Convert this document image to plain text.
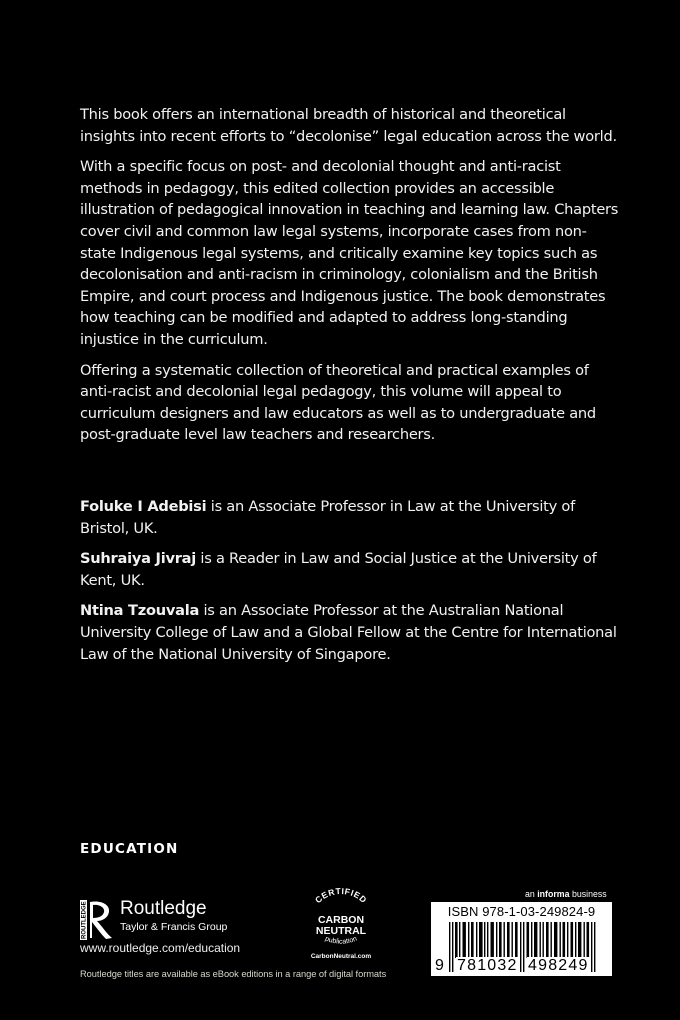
This book offers an international breadth of historical and theoretical insights into recent efforts to “decolonise” legal education across the world.

With a specific focus on post- and decolonial thought and anti-racist methods in pedagogy, this edited collection provides an accessible illustration of pedagogical innovation in teaching and learning law. Chapters cover civil and common law legal systems, incorporate cases from non-state Indigenous legal systems, and critically examine key topics such as decolonisation and anti-racism in criminology, colonialism and the British Empire, and court process and Indigenous justice. The book demonstrates how teaching can be modified and adapted to address long-standing injustice in the curriculum.

Offering a systematic collection of theoretical and practical examples of anti-racist and decolonial legal pedagogy, this volume will appeal to curriculum designers and law educators as well as to undergraduate and post-graduate level law teachers and researchers.

Foluke I Adebisi is an Associate Professor in Law at the University of Bristol, UK.

Suhraiya Jivraj is a Reader in Law and Social Justice at the University of Kent, UK.

Ntina Tzouvala is an Associate Professor at the Australian National University College of Law and a Global Fellow at the Centre for International Law of the National University of Singapore.

EDUCATION
ROUTLEDGE Routledge
Taylor & Francis Group
www.routledge.com/education
Routledge titles are available as eBook editions in a range of digital formats
CERTIFIED
CARBON
NEUTRAL
publication
CarbonNeutral.com
an informa business
ISBN 978-1-03-249824-9
9 781032 498249
